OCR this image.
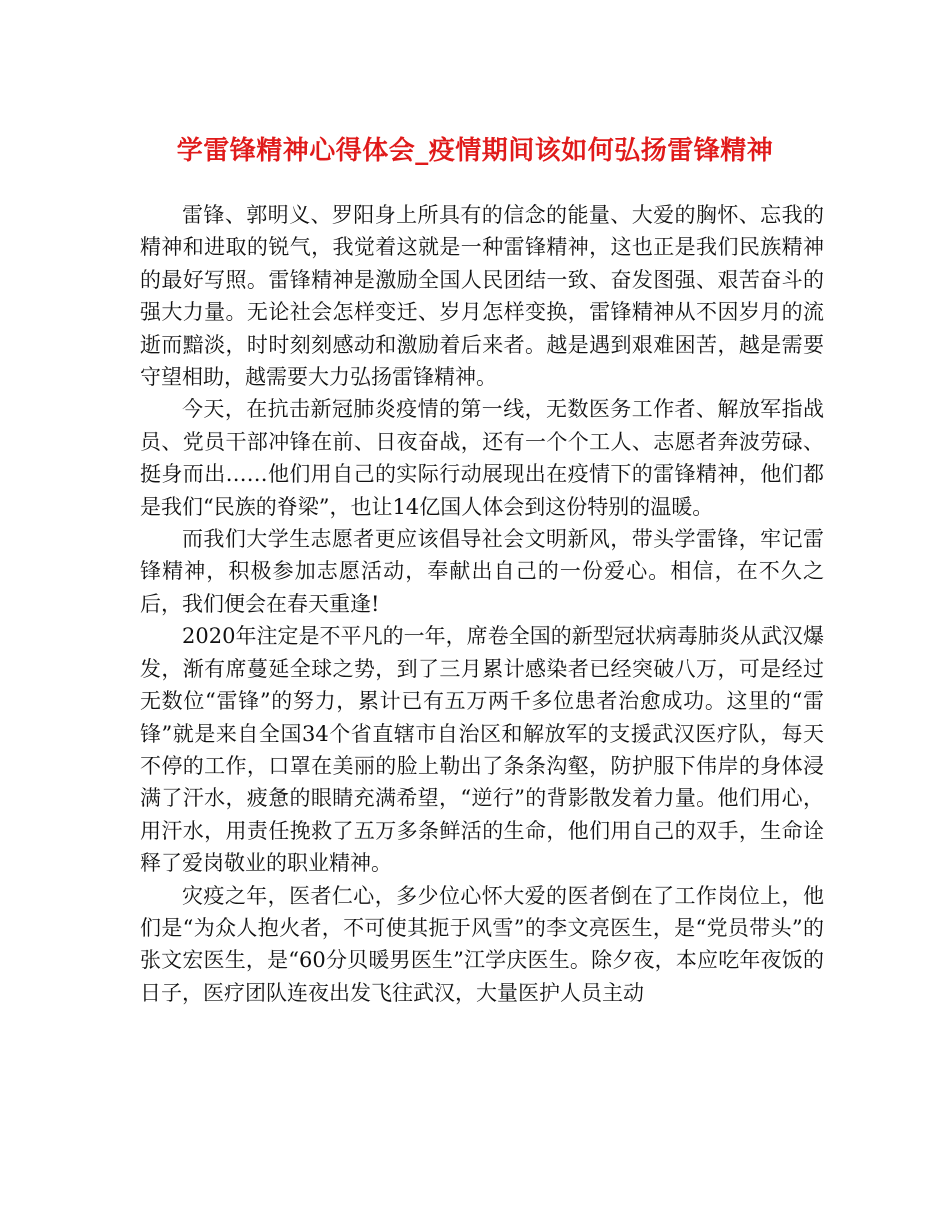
学雷锋精神心得体会_疫情期间该如何弘扬雷锋精神

雷锋、郭明义、罗阳身上所具有的信念的能量、大爱的胸怀、忘我的精神和进取的锐气，我觉着这就是一种雷锋精神，这也正是我们民族精神的最好写照。雷锋精神是激励全国人民团结一致、奋发图强、艰苦奋斗的强大力量。无论社会怎样变迁、岁月怎样变换，雷锋精神从不因岁月的流逝而黯淡，时时刻刻感动和激励着后来者。越是遇到艰难困苦，越是需要守望相助，越需要大力弘扬雷锋精神。

今天，在抗击新冠肺炎疫情的第一线，无数医务工作者、解放军指战员、党员干部冲锋在前、日夜奋战，还有一个个工人、志愿者奔波劳碌、挺身而出……他们用自己的实际行动展现出在疫情下的雷锋精神，他们都是我们“民族的脊梁”，也让14亿国人体会到这份特别的温暖。

而我们大学生志愿者更应该倡导社会文明新风，带头学雷锋，牢记雷锋精神，积极参加志愿活动，奉献出自己的一份爱心。相信，在不久之后，我们便会在春天重逢!

2020年注定是不平凡的一年，席卷全国的新型冠状病毒肺炎从武汉爆发，渐有席蔓延全球之势，到了三月累计感染者已经突破八万，可是经过无数位“雷锋”的努力，累计已有五万两千多位患者治愈成功。这里的“雷锋”就是来自全国34个省直辖市自治区和解放军的支援武汉医疗队，每天不停的工作，口罩在美丽的脸上勒出了条条沟壑，防护服下伟岸的身体浸满了汗水，疲惫的眼睛充满希望，“逆行”的背影散发着力量。他们用心，用汗水，用责任挽救了五万多条鲜活的生命，他们用自己的双手，生命诠释了爱岗敬业的职业精神。

灾疫之年，医者仁心，多少位心怀大爱的医者倒在了工作岗位上，他们是“为众人抱火者，不可使其扼于风雪”的李文亮医生，是“党员带头”的张文宏医生，是“60分贝暖男医生”江学庆医生。除夕夜，本应吃年夜饭的日子，医疗团队连夜出发飞往武汉，大量医护人员主动
